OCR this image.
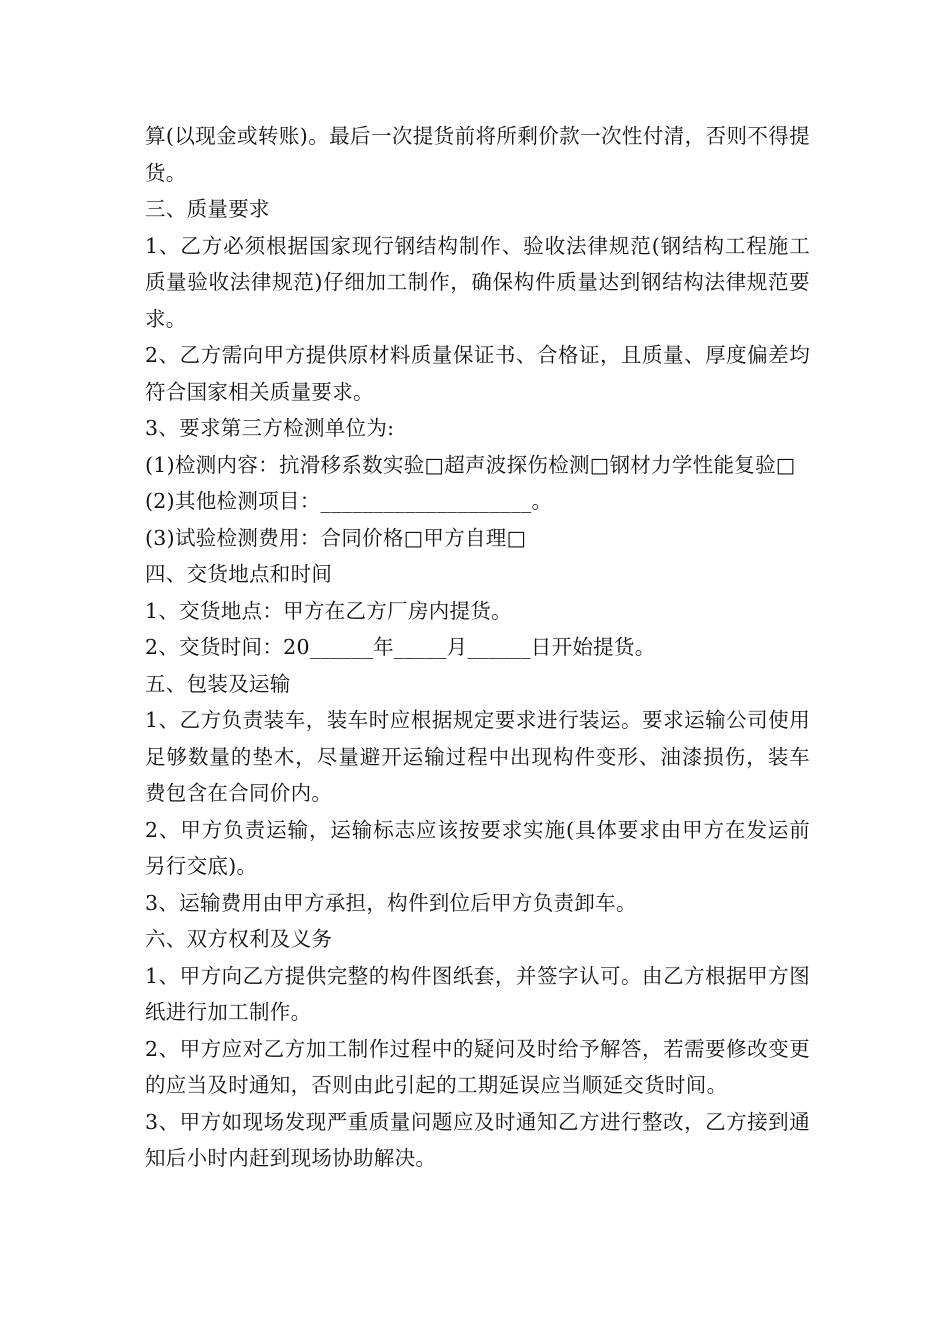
算(以现金或转账)。最后一次提货前将所剩价款一次性付清，否则不得提货。

三、质量要求

1、乙方必须根据国家现行钢结构制作、验收法律规范(钢结构工程施工质量验收法律规范)仔细加工制作，确保构件质量达到钢结构法律规范要求。

2、乙方需向甲方提供原材料质量保证书、合格证，且质量、厚度偏差均符合国家相关质量要求。

3、要求第三方检测单位为:

(1)检测内容：抗滑移系数实验□超声波探伤检测□钢材力学性能复验□

(2)其他检测项目：____________________。

(3)试验检测费用：合同价格□甲方自理□

四、交货地点和时间

1、交货地点：甲方在乙方厂房内提货。

2、交货时间：20______年_____月______日开始提货。

五、包装及运输

1、乙方负责装车，装车时应根据规定要求进行装运。要求运输公司使用足够数量的垫木，尽量避开运输过程中出现构件变形、油漆损伤，装车费包含在合同价内。

2、甲方负责运输，运输标志应该按要求实施(具体要求由甲方在发运前另行交底)。

3、运输费用由甲方承担，构件到位后甲方负责卸车。

六、双方权利及义务

1、甲方向乙方提供完整的构件图纸套，并签字认可。由乙方根据甲方图纸进行加工制作。

2、甲方应对乙方加工制作过程中的疑问及时给予解答，若需要修改变更的应当及时通知，否则由此引起的工期延误应当顺延交货时间。

3、甲方如现场发现严重质量问题应及时通知乙方进行整改，乙方接到通知后小时内赶到现场协助解决。
